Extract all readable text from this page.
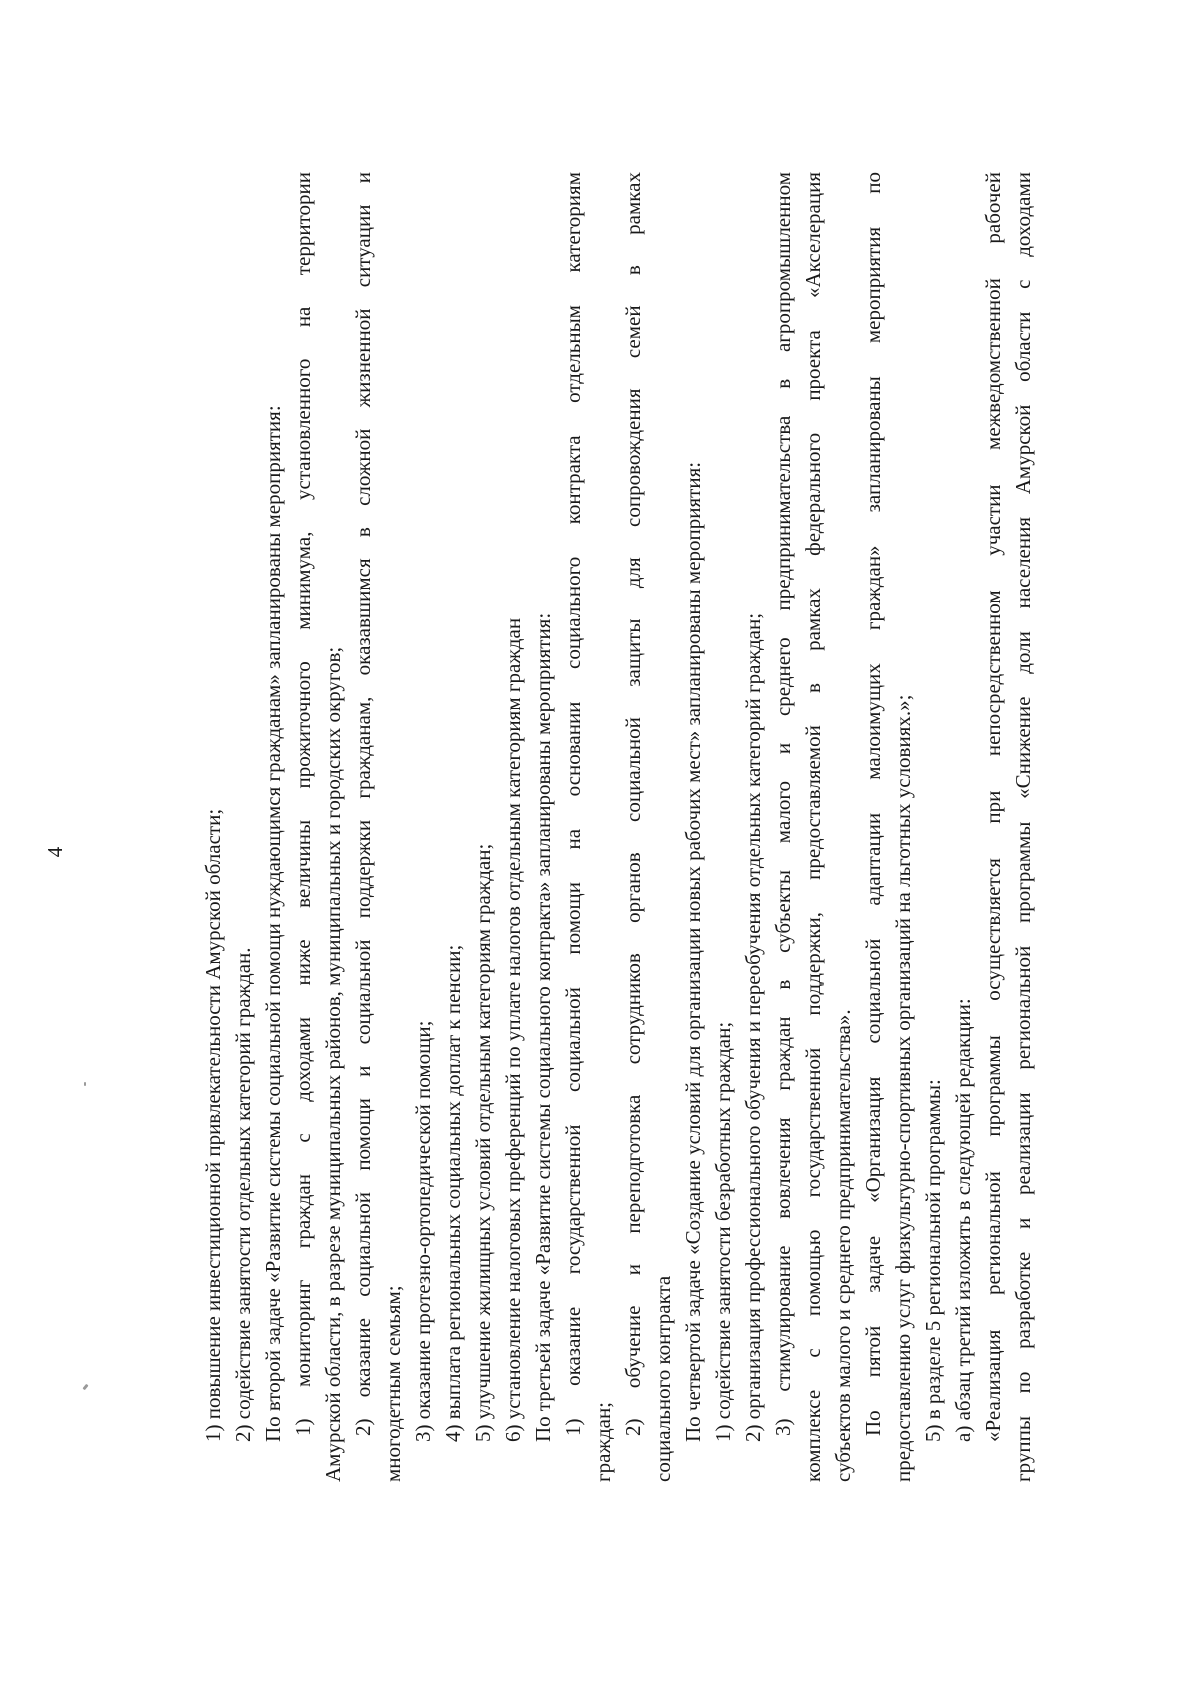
4	1) повышение инвестиционной привлекательности Амурской области; 2) содействие занятости отдельных категорий граждан. По второй задаче «Развитие системы социальной помощи нуждающимся гражданам» запланированы мероприятия: 1) мониторинг граждан с доходами ниже величины прожиточного минимума, установленного на территории Амурской области, в разрезе муниципальных районов, муниципальных и городских округов; 2) оказание социальной помощи и социальной поддержки гражданам, оказавшимся в сложной жизненной ситуации и многодетным семьям; 3) оказание протезно-ортопедической помощи; 4) выплата региональных социальных доплат к пенсии; 5) улучшение жилищных условий отдельным категориям граждан; 6) установление налоговых преференций по уплате налогов отдельным категориям граждан По третьей задаче «Развитие системы социального контракта» запланированы мероприятия: 1) оказание государственной социальной помощи на основании социального контракта отдельным категориям
граждан;
2) обучение и переподготовка сотрудников органов социальной защиты для сопровождения семей в рамках социального контракта По четвертой задаче «Создание условий для организации новых рабочих мест» запланированы мероприятия: 1) содействие занятости безработных граждан; 2) организация профессионального обучения и переобучения отдельных категорий граждан; 3) стимулирование вовлечения граждан в субъекты малого и среднего предпринимательства в агропромышленном комплексе с помощью государственной поддержки, предоставляемой в рамках федерального проекта «Акселерация субъектов малого и среднего предпринимательства». По пятой задаче «Организация социальной адаптации малоимущих граждан» запланированы мероприятия по предоставлению услуг физкультурно-спортивных организаций на льготных условиях.»; 5) в разделе 5 региональной программы: а) абзац третий изложить в следующей редакции: «Реализация региональной программы осуществляется при непосредственном участии межведомственной рабочей группы по разработке и реализации региональной программы «Снижение доли населения Амурской области с доходами
